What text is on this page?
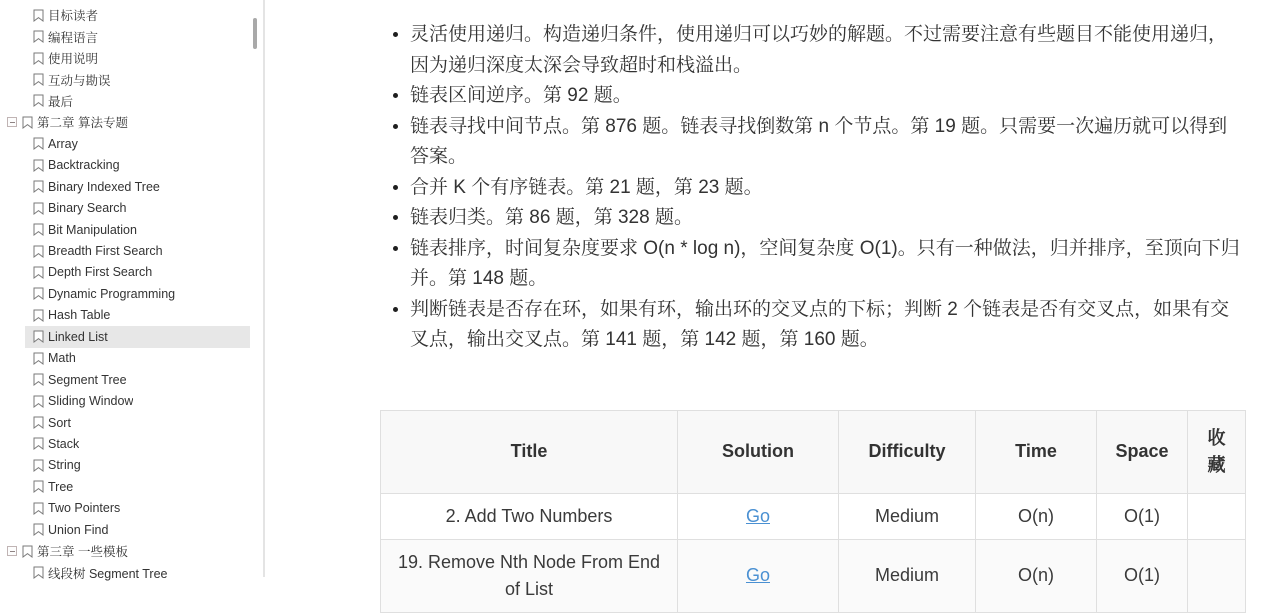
目标读者
编程语言
使用说明
互动与勘误
最后
第二章 算法专题
Array
Backtracking
Binary Indexed Tree
Binary Search
Bit Manipulation
Breadth First Search
Depth First Search
Dynamic Programming
Hash Table
Linked List
Math
Segment Tree
Sliding Window
Sort
Stack
String
Tree
Two Pointers
Union Find
第三章 一些模板
线段树 Segment Tree
• 灵活使用递归。构造递归条件，使用递归可以巧妙的解题。不过需要注意有些题目不能使用递归，因为递归深度太深会导致超时和栈溢出。
• 链表区间逆序。第 92 题。
• 链表寻找中间节点。第 876 题。链表寻找倒数第 n 个节点。第 19 题。只需要一次遍历就可以得到答案。
• 合并 K 个有序链表。第 21 题，第 23 题。
• 链表归类。第 86 题，第 328 题。
• 链表排序，时间复杂度要求 O(n * log n)，空间复杂度 O(1)。只有一种做法，归并排序，至顶向下归并。第 148 题。
• 判断链表是否存在环，如果有环，输出环的交叉点的下标；判断 2 个链表是否有交叉点，如果有交叉点，输出交叉点。第 141 题，第 142 题，第 160 题。
Title	Solution	Difficulty	Time	Space	收藏
2. Add Two Numbers	Go	Medium	O(n)	O(1)	
19. Remove Nth Node From End of List	Go	Medium	O(n)	O(1)	
